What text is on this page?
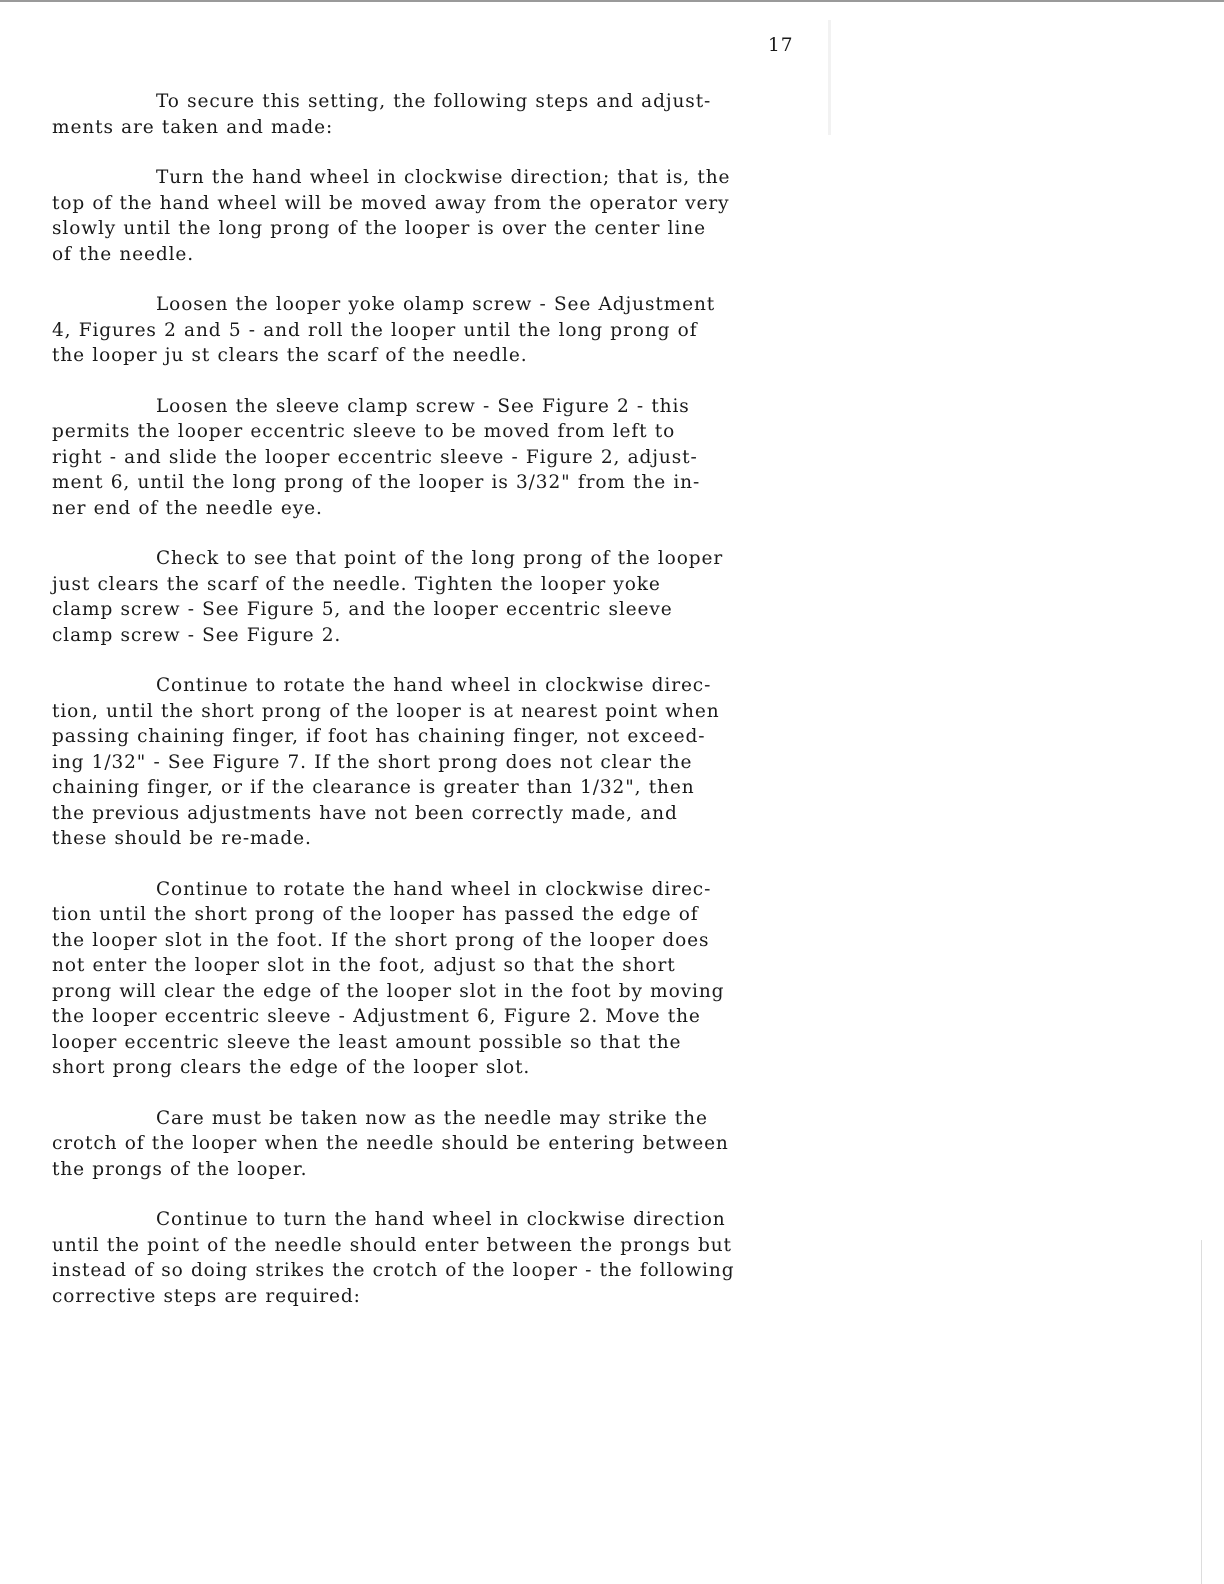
17

To secure this setting, the following steps and adjust-
ments are taken and made:

Turn the hand wheel in clockwise direction; that is, the
top of the hand wheel will be moved away from the operator very
slowly until the long prong of the looper is over the center line
of the needle.

Loosen the looper yoke olamp screw - See Adjustment
4, Figures 2 and 5 - and roll the looper until the long prong of
the looper ju st clears the scarf of the needle.

Loosen the sleeve clamp screw - See Figure 2 - this
permits the looper eccentric sleeve to be moved from left to
right - and slide the looper eccentric sleeve - Figure 2, adjust-
ment 6, until the long prong of the looper is 3/32" from the in-
ner end of the needle eye.

Check to see that point of the long prong of the looper
just clears the scarf of the needle. Tighten the looper yoke
clamp screw - See Figure 5, and the looper eccentric sleeve
clamp screw - See Figure 2.

Continue to rotate the hand wheel in clockwise direc-
tion, until the short prong of the looper is at nearest point when
passing chaining finger, if foot has chaining finger, not exceed-
ing 1/32" - See Figure 7. If the short prong does not clear the
chaining finger, or if the clearance is greater than 1/32", then
the previous adjustments have not been correctly made, and
these should be re-made.

Continue to rotate the hand wheel in clockwise direc-
tion until the short prong of the looper has passed the edge of
the looper slot in the foot. If the short prong of the looper does
not enter the looper slot in the foot, adjust so that the short
prong will clear the edge of the looper slot in the foot by moving
the looper eccentric sleeve - Adjustment 6, Figure 2. Move the
looper eccentric sleeve the least amount possible so that the
short prong clears the edge of the looper slot.

Care must be taken now as the needle may strike the
crotch of the looper when the needle should be entering between
the prongs of the looper.

Continue to turn the hand wheel in clockwise direction
until the point of the needle should enter between the prongs but
instead of so doing strikes the crotch of the looper - the following
corrective steps are required:
